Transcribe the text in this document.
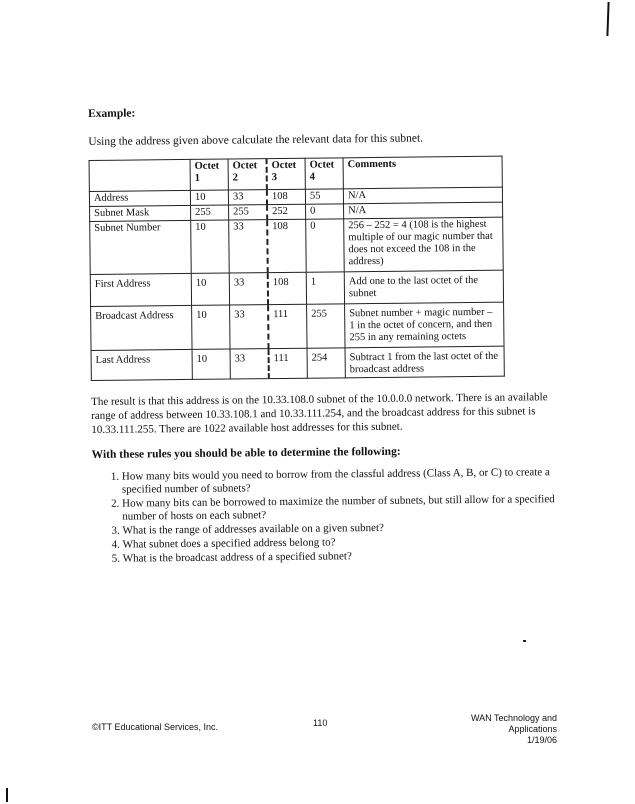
Example:

Using the address given above calculate the relevant data for this subnet.

	Octet 1	Octet 2	Octet 3	Octet 4	Comments
Address	10	33	108	55	N/A
Subnet Mask	255	255	252	0	N/A
Subnet Number	10	33	108	0	256 – 252 = 4 (108 is the highest multiple of our magic number that does not exceed the 108 in the address)
First Address	10	33	108	1	Add one to the last octet of the subnet
Broadcast Address	10	33	111	255	Subnet number + magic number – 1 in the octet of concern, and then 255 in any remaining octets
Last Address	10	33	111	254	Subtract 1 from the last octet of the broadcast address

The result is that this address is on the 10.33.108.0 subnet of the 10.0.0.0 network. There is an available range of address between 10.33.108.1 and 10.33.111.254, and the broadcast address for this subnet is 10.33.111.255. There are 1022 available host addresses for this subnet.

With these rules you should be able to determine the following:

1. How many bits would you need to borrow from the classful address (Class A, B, or C) to create a specified number of subnets?
2. How many bits can be borrowed to maximize the number of subnets, but still allow for a specified number of hosts on each subnet?
3. What is the range of addresses available on a given subnet?
4. What subnet does a specified address belong to?
5. What is the broadcast address of a specified subnet?
©ITT Educational Services, Inc.	110	WAN Technology and Applications
1/19/06
